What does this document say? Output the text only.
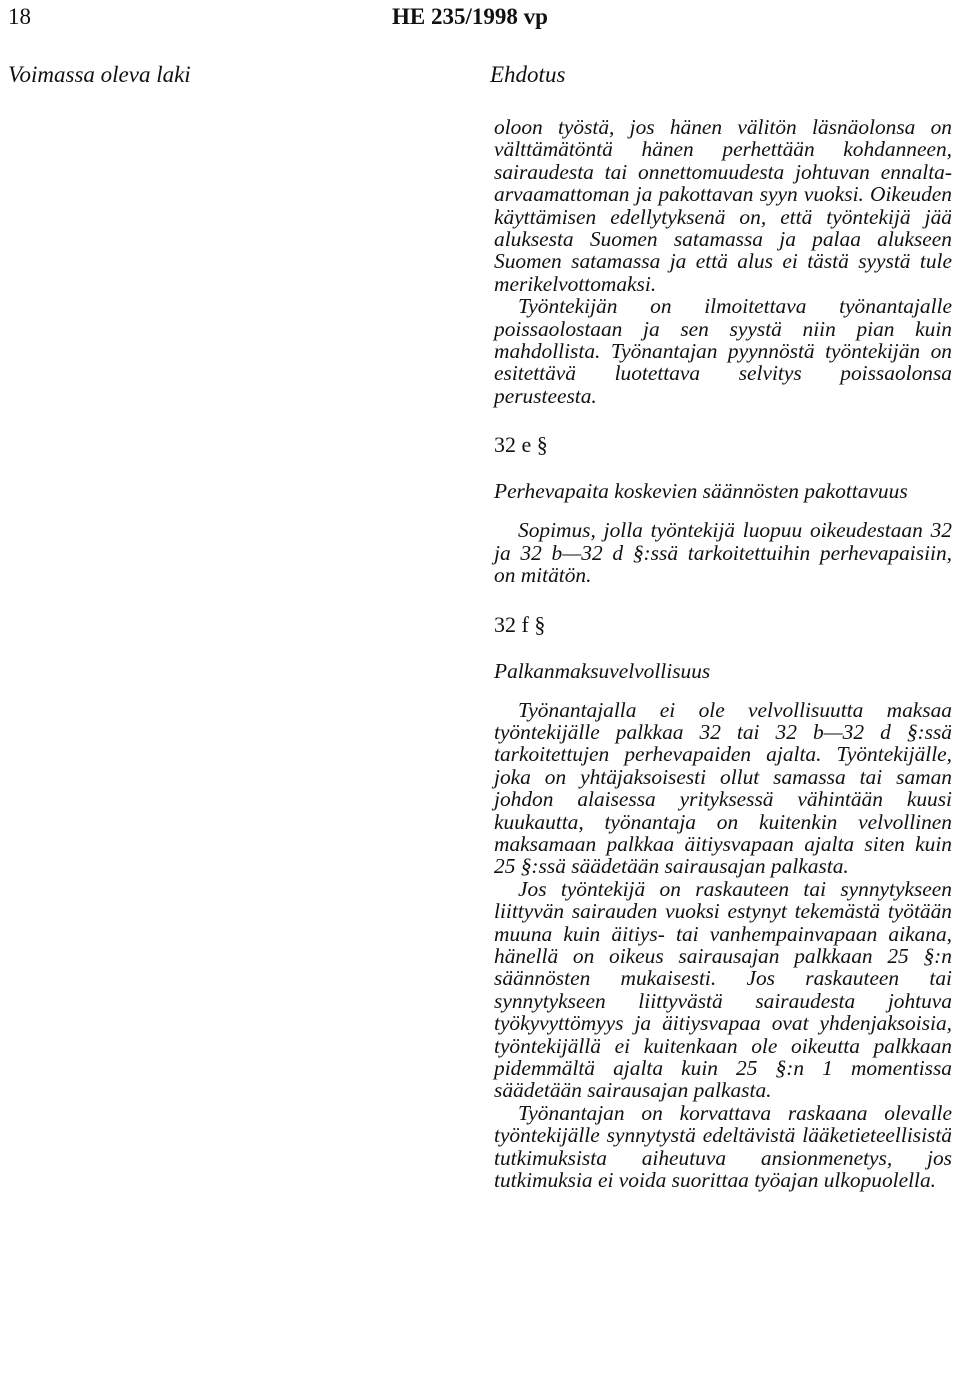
18	HE 235/1998 vp
Voimassa oleva laki	Ehdotus

oloon työstä, jos hänen välitön läsnäolonsa on välttämätöntä hänen perhettään kohdanneen, sairaudesta tai onnettomuudesta johtuvan ennalta-arvaamattoman ja pakottavan syyn vuoksi. Oikeuden käyttämisen edellytyksenä on, että työntekijä jää aluksesta Suomen satamassa ja palaa alukseen Suomen satamassa ja että alus ei tästä syystä tule merikelvottomaksi.

Työntekijän on ilmoitettava työnantajalle poissaolostaan ja sen syystä niin pian kuin mahdollista. Työnantajan pyynnöstä työntekijän on esitettävä luotettava selvitys poissaolonsa perusteesta.

32 e §

Perhevapaita koskevien säännösten pakottavuus

Sopimus, jolla työntekijä luopuu oikeudestaan 32 ja 32 b—32 d §:ssä tarkoitettuihin perhevapaisiin, on mitätön.

32 f §

Palkanmaksuvelvollisuus

Työnantajalla ei ole velvollisuutta maksaa työntekijälle palkkaa 32 tai 32 b—32 d §:ssä tarkoitettujen perhevapaiden ajalta. Työntekijälle, joka on yhtäjaksoisesti ollut samassa tai saman johdon alaisessa yrityksessä vähintään kuusi kuukautta, työnantaja on kuitenkin velvollinen maksamaan palkkaa äitiysvapaan ajalta siten kuin 25 §:ssä säädetään sairausajan palkasta.

Jos työntekijä on raskauteen tai synnytykseen liittyvän sairauden vuoksi estynyt tekemästä työtään muuna kuin äitiys- tai vanhempainvapaan aikana, hänellä on oikeus sairausajan palkkaan 25 §:n säännösten mukaisesti. Jos raskauteen tai synnytykseen liittyvästä sairaudesta johtuva työkyvyttömyys ja äitiysvapaa ovat yhdenjaksoisia, työntekijällä ei kuitenkaan ole oikeutta palkkaan pidemmältä ajalta kuin 25 §:n 1 momentissa säädetään sairausajan palkasta.

Työnantajan on korvattava raskaana olevalle työntekijälle synnytystä edeltävistä lääketieteellisistä tutkimuksista aiheutuva ansionmenetys, jos tutkimuksia ei voida suorittaa työajan ulkopuolella.
